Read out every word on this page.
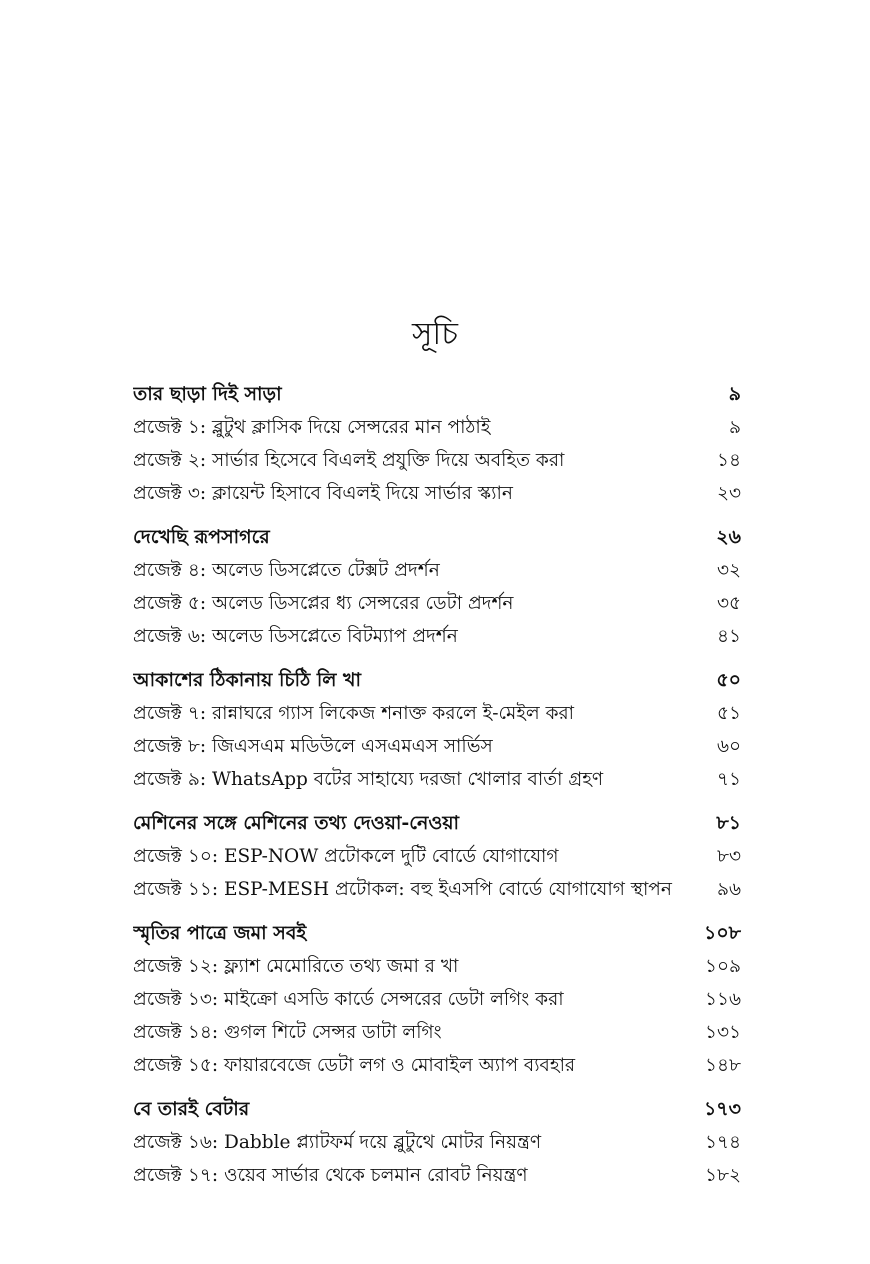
সূচি
তার ছাড়া দিই সাড়া	৯
প্রজেক্ট ১: ব্লুটুথ ক্লাসিক দিয়ে সেন্সরের মান পাঠাই	৯
প্রজেক্ট ২: সার্ভার হিসেবে বিএলই প্রযুক্তি দিয়ে অবহিত করা	১৪
প্রজেক্ট ৩: ক্লায়েন্ট হিসাবে বিএলই দিয়ে সার্ভার স্ক্যান	২৩
দেখেছি রূপসাগরে	২৬
প্রজেক্ট ৪: অলেড ডিসপ্লেতে টেক্সট প্রদর্শন	৩২
প্রজেক্ট ৫: অলেড ডিসপ্লের ধ্য সেন্সরের ডেটা প্রদর্শন	৩৫
প্রজেক্ট ৬: অলেড ডিসপ্লেতে বিটম্যাপ প্রদর্শন	৪১
আকাশের ঠিকানায় চিঠি লি খা	৫০
প্রজেক্ট ৭: রান্নাঘরে গ্যাস লিকেজ শনাক্ত করলে ই-মেইল করা	৫১
প্রজেক্ট ৮: জিএসএম মডিউলে এসএমএস সার্ভিস	৬০
প্রজেক্ট ৯: WhatsApp বটের সাহায্যে দরজা খোলার বার্তা গ্রহণ	৭১
মেশিনের সঙ্গে মেশিনের তথ্য দেওয়া-নেওয়া	৮১
প্রজেক্ট ১০: ESP-NOW প্রটোকলে দুটি বোর্ডে যোগাযোগ	৮৩
প্রজেক্ট ১১: ESP-MESH প্রটোকল: বহু ইএসপি বোর্ডে যোগাযোগ স্থাপন	৯৬
স্মৃতির পাত্রে জমা সবই	১০৮
প্রজেক্ট ১২: ফ্ল্যাশ মেমোরিতে তথ্য জমা র খা	১০৯
প্রজেক্ট ১৩: মাইক্রো এসডি কার্ডে সেন্সরের ডেটা লগিং করা	১১৬
প্রজেক্ট ১৪: গুগল শিটে সেন্সর ডাটা লগিং	১৩১
প্রজেক্ট ১৫: ফায়ারবেজে ডেটা লগ ও মোবাইল অ্যাপ ব্যবহার	১৪৮
বে তারই বেটার	১৭৩
প্রজেক্ট ১৬: Dabble প্ল্যাটফর্ম দয়ে ব্লুটুথে মোটর নিয়ন্ত্রণ	১৭৪
প্রজেক্ট ১৭: ওয়েব সার্ভার থেকে চলমান রোবট নিয়ন্ত্রণ	১৮২
